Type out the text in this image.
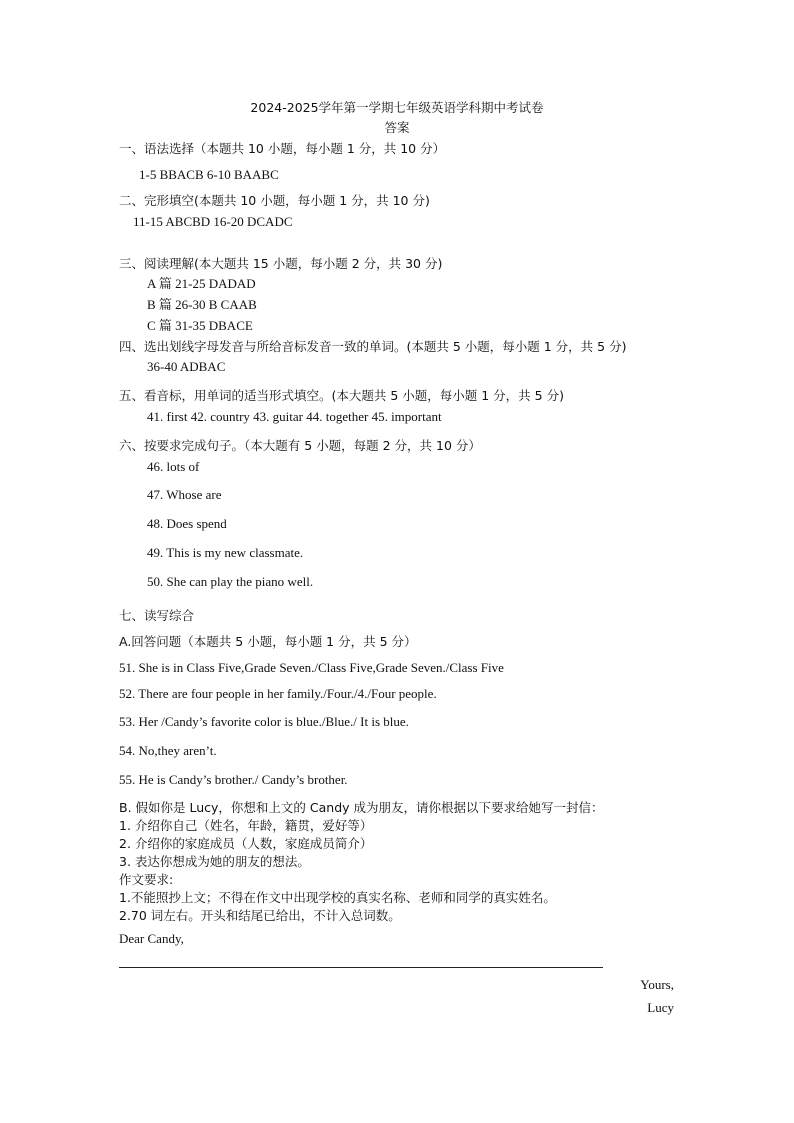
2024-2025学年第一学期七年级英语学科期中考试卷
答案
一、语法选择（本题共 10 小题，每小题 1 分，共 10 分）
1-5 BBACB 6-10 BAABC
二、完形填空(本题共 10 小题，每小题 1 分，共 10 分)
11-15 ABCBD 16-20 DCADC
三、阅读理解(本大题共 15 小题，每小题 2 分，共 30 分)
A 篇 21-25 DADAD
B 篇 26-30 B CAAB
C 篇 31-35 DBACE
四、选出划线字母发音与所给音标发音一致的单词。(本题共 5 小题，每小题 1 分，共 5 分)
36-40 ADBAC
五、看音标，用单词的适当形式填空。(本大题共 5 小题，每小题 1 分，共 5 分)
41. first 42. country 43. guitar 44. together 45. important
六、按要求完成句子。（本大题有 5 小题，每题 2 分，共 10 分）
46. lots of
47. Whose are
48. Does spend
49. This is my new classmate.
50. She can play the piano well.
七、读写综合
A.回答问题（本题共 5 小题，每小题 1 分，共 5 分）
51. She is in Class Five,Grade Seven./Class Five,Grade Seven./Class Five
52. There are four people in her family./Four./4./Four people.
53. Her /Candy’s favorite color is blue./Blue./ It is blue.
54. No,they aren’t.
55. He is Candy’s brother./ Candy’s brother.
B. 假如你是 Lucy，你想和上文的 Candy 成为朋友，请你根据以下要求给她写一封信：
1. 介绍你自己（姓名，年龄，籍贯，爱好等）
2. 介绍你的家庭成员（人数，家庭成员简介）
3. 表达你想成为她的朋友的想法。
作文要求:
1.不能照抄上文；不得在作文中出现学校的真实名称、老师和同学的真实姓名。
2.70 词左右。开头和结尾已给出，不计入总词数。
Dear Candy,
Yours,
Lucy
